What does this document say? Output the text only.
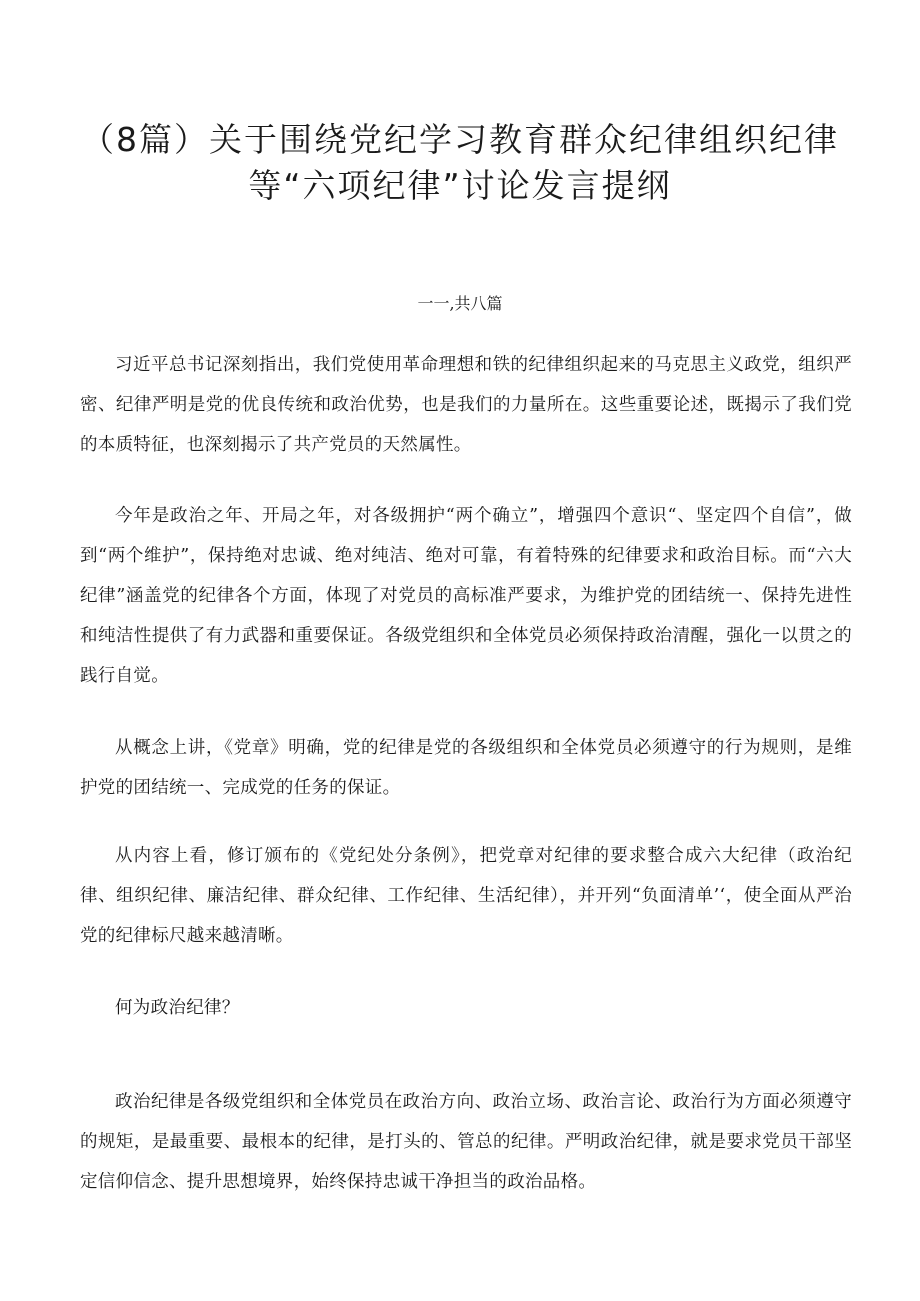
（8篇）关于围绕党纪学习教育群众纪律组织纪律
等“六项纪律”讨论发言提纲

一一,共八篇

习近平总书记深刻指出，我们党使用革命理想和铁的纪律组织起来的马克思主义政党，组织严密、纪律严明是党的优良传统和政治优势，也是我们的力量所在。这些重要论述，既揭示了我们党的本质特征，也深刻揭示了共产党员的天然属性。

今年是政治之年、开局之年，对各级拥护“两个确立”，增强四个意识“、坚定四个自信”，做到“两个维护”，保持绝对忠诚、绝对纯洁、绝对可靠，有着特殊的纪律要求和政治目标。而“六大纪律”涵盖党的纪律各个方面，体现了对党员的高标准严要求，为维护党的团结统一、保持先进性和纯洁性提供了有力武器和重要保证。各级党组织和全体党员必须保持政治清醒，强化一以贯之的践行自觉。

从概念上讲，《党章》明确，党的纪律是党的各级组织和全体党员必须遵守的行为规则，是维护党的团结统一、完成党的任务的保证。

从内容上看，修订颁布的《党纪处分条例》，把党章对纪律的要求整合成六大纪律（政治纪律、组织纪律、廉洁纪律、群众纪律、工作纪律、生活纪律），并开列“负面清单’‘，使全面从严治党的纪律标尺越来越清晰。

何为政治纪律？

政治纪律是各级党组织和全体党员在政治方向、政治立场、政治言论、政治行为方面必须遵守的规矩，是最重要、最根本的纪律，是打头的、管总的纪律。严明政治纪律，就是要求党员干部坚定信仰信念、提升思想境界，始终保持忠诚干净担当的政治品格。
